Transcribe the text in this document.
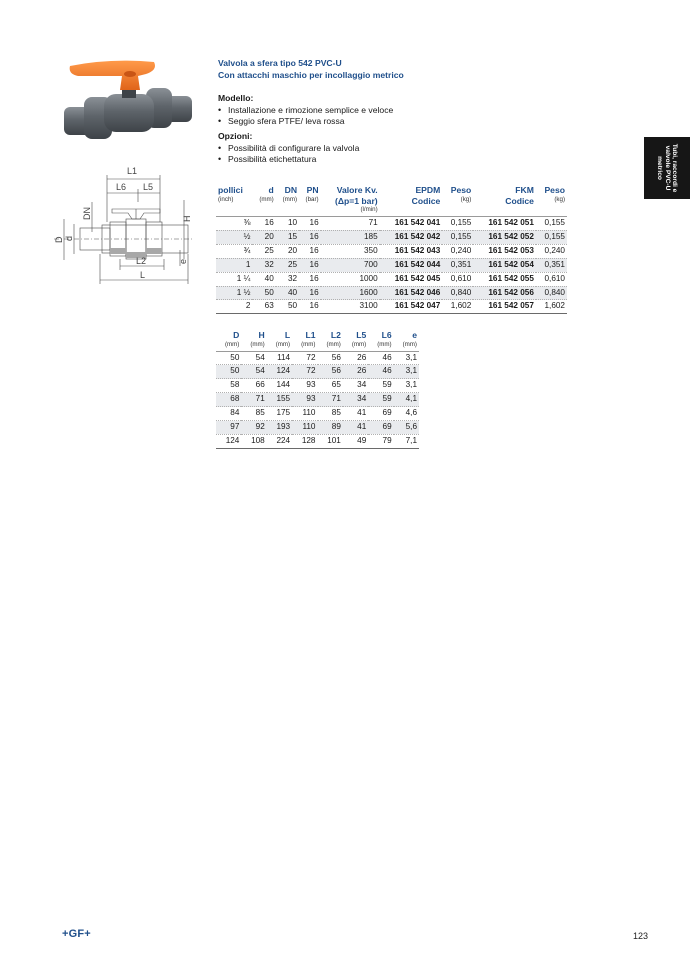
L1
L6 L5
DN
D d
H
L2	e
L
Valvola a sfera tipo 542 PVC-U
Con attacchi maschio per incollaggio metrico
Modello:
• Installazione e rimozione semplice e veloce
• Seggio sfera PTFE/ leva rossa
Opzioni:
• Possibilità di configurare la valvola
• Possibilità etichettatura
pollici	d	DN	PN	Valore Kv.	EPDM	Peso	FKM	Peso
(inch)	(mm)	(mm)	(bar)	(Δp=1 bar)	Codice	(kg)	Codice	(kg)
				(l/min)				
⅜	16	10	16	71	161 542 041	0,155	161 542 051	0,155
½	20	15	16	185	161 542 042	0,155	161 542 052	0,155
¾	25	20	16	350	161 542 043	0,240	161 542 053	0,240
1	32	25	16	700	161 542 044	0,351	161 542 054	0,351
1 ¼	40	32	16	1000	161 542 045	0,610	161 542 055	0,610
1 ½	50	40	16	1600	161 542 046	0,840	161 542 056	0,840
2	63	50	16	3100	161 542 047	1,602	161 542 057	1,602
D	H	L	L1	L2	L5	L6	e
(mm)	(mm)	(mm)	(mm)	(mm)	(mm)	(mm)	(mm)
50	54	114	72	56	26	46	3,1
50	54	124	72	56	26	46	3,1
58	66	144	93	65	34	59	3,1
68	71	155	93	71	34	59	4,1
84	85	175	110	85	41	69	4,6
97	92	193	110	89	41	69	5,6
124	108	224	128	101	49	79	7,1
Tubi, raccordi e
valvole PVC-U
metrico
+GF+	123
